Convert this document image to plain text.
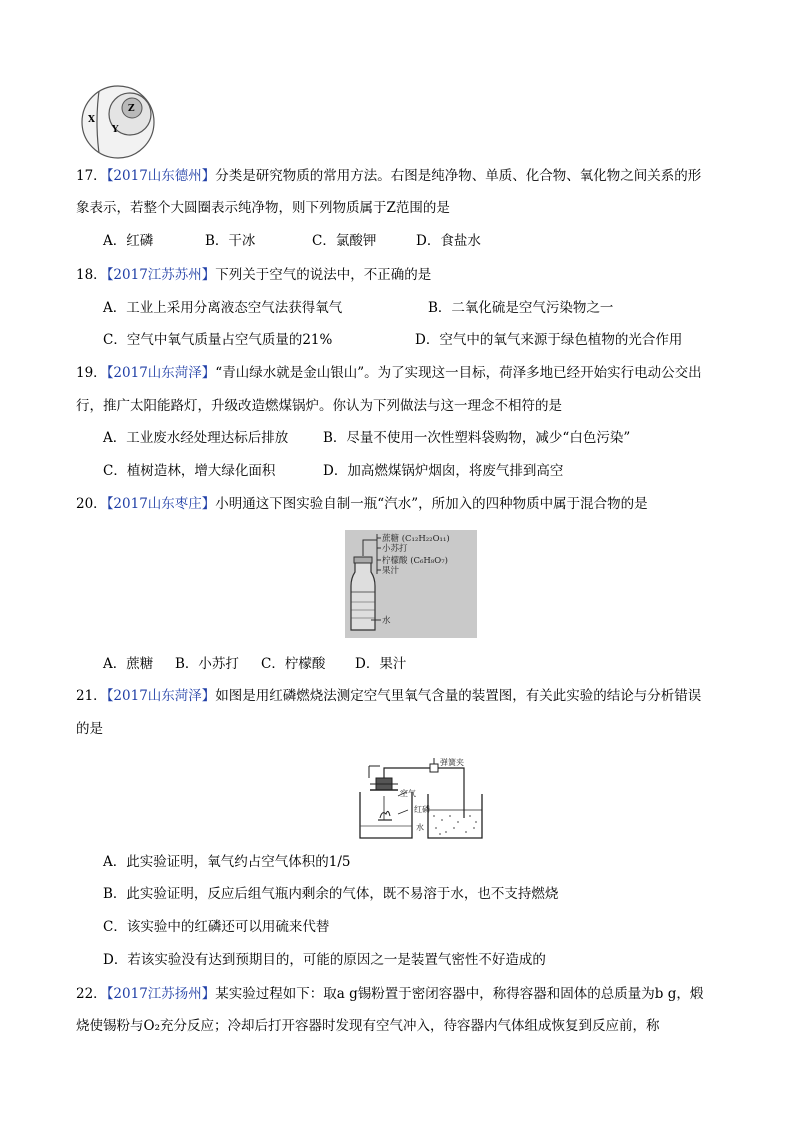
X
Y
Z
17．【2017山东德州】分类是研究物质的常用方法。右图是纯净物、单质、化合物、氧化物之间关系的形
象表示，若整个大圆圈表示纯净物，则下列物质属于Z范围的是
A．红磷	B．干冰	C．氯酸钾	D．食盐水
18．【2017江苏苏州】下列关于空气的说法中，不正确的是
A．工业上采用分离液态空气法获得氧气	B．二氧化硫是空气污染物之一
C．空气中氧气质量占空气质量的21%	D．空气中的氧气来源于绿色植物的光合作用
19．【2017山东菏泽】“青山绿水就是金山银山”。为了实现这一目标，荷泽多地已经开始实行电动公交出
行，推广太阳能路灯，升级改造燃煤锅炉。你认为下列做法与这一理念不相符的是
A．工业废水经处理达标后排放	B．尽量不使用一次性塑料袋购物，减少“白色污染”
C．植树造林，增大绿化面积	D．加高燃煤锅炉烟囱，将废气排到高空
20．【2017山东枣庄】小明通这下图实验自制一瓶“汽水”，所加入的四种物质中属于混合物的是
蔗糖 (C₁₂H₂₂O₁₁)
小苏打
柠檬酸 (C₆H₈O₇)
果汁
水
A．蔗糖 B．小苏打 C．柠檬酸 D．果汁
21．【2017山东菏泽】如图是用红磷燃烧法测定空气里氧气含量的装置图，有关此实验的结论与分析错误
的是
弹簧夹
空气
红磷
水
A．此实验证明，氧气约占空气体积的1/5
B．此实验证明，反应后组气瓶内剩余的气体，既不易溶于水，也不支持燃烧
C．该实验中的红磷还可以用硫来代替
D．若该实验没有达到预期目的，可能的原因之一是装置气密性不好造成的
22．【2017江苏扬州】某实验过程如下：取a g锡粉置于密闭容器中，称得容器和固体的总质量为b g，煅
烧使锡粉与O₂充分反应；冷却后打开容器时发现有空气冲入，待容器内气体组成恢复到反应前，称
